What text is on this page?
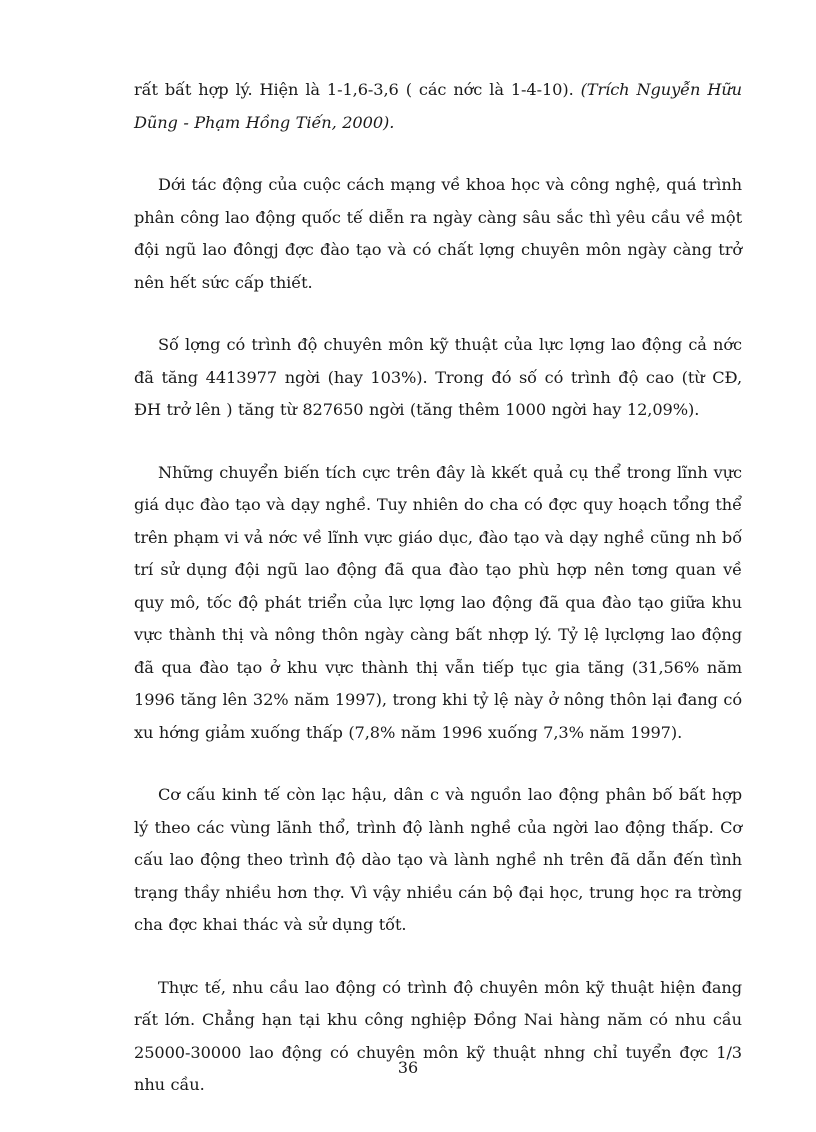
rất bất hợp lý. Hiện là 1-1,6-3,6 ( các nớc là 1-4-10). (Trích Nguyễn Hữu Dũng - Phạm Hồng Tiến, 2000).

Dới tác động của cuộc cách mạng về khoa học và công nghệ, quá trình phân công lao động quốc tế diễn ra ngày càng sâu sắc thì yêu cầu về một đội ngũ lao đôngj đợc đào tạo và có chất lợng chuyên môn ngày càng trở nên hết sức cấp thiết.

Số lợng có trình độ chuyên môn kỹ thuật của lực lợng lao động cả nớc đã tăng 4413977 ngời (hay 103%). Trong đó số có trình độ cao (từ CĐ, ĐH trở lên ) tăng từ 827650 ngời (tăng thêm 1000 ngời hay 12,09%).

Những chuyển biến tích cực trên đây là kkết quả cụ thể trong lĩnh vực giá dục đào tạo và dạy nghề. Tuy nhiên do cha có đợc quy hoạch tổng thể trên phạm vi vả nớc về lĩnh vực giáo dục, đào tạo và dạy nghề cũng nh bố trí sử dụng đội ngũ lao động đã qua đào tạo phù hợp nên tơng quan về quy mô, tốc độ phát triển của lực lợng lao động đã qua đào tạo giữa khu vực thành thị và nông thôn ngày càng bất nhợp lý. Tỷ lệ lựclợng lao động đã qua đào tạo ở khu vực thành thị vẫn tiếp tục gia tăng (31,56% năm 1996 tăng lên 32% năm 1997), trong khi tỷ lệ này ở nông thôn lại đang có xu hớng giảm xuống thấp (7,8% năm 1996 xuống 7,3% năm 1997).

Cơ cấu kinh tế còn lạc hậu, dân c và nguồn lao động phân bố bất hợp lý theo các vùng lãnh thổ, trình độ lành nghề của ngời lao động thấp. Cơ cấu lao động theo trình độ dào tạo và lành nghề nh trên đã dẫn đến tình trạng thầy nhiều hơn thợ. Vì vậy nhiều cán bộ đại học, trung học ra trờng cha đợc khai thác và sử dụng tốt.

Thực tế, nhu cầu lao động có trình độ chuyên môn kỹ thuật hiện đang rất lớn. Chẳng hạn tại khu công nghiệp Đồng Nai hàng năm có nhu cầu 25000-30000 lao động có chuyên môn kỹ thuật nhng chỉ tuyển đợc 1/3 nhu cầu.

36
